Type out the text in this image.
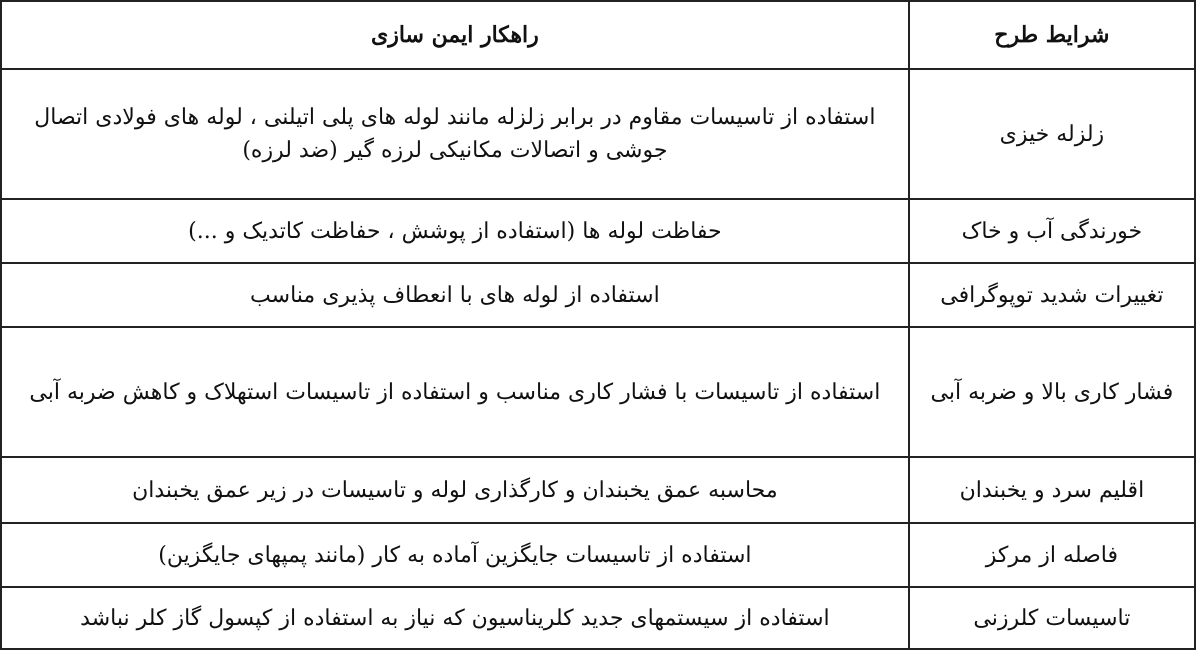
شرایط طرح	راهکار ایمن سازی
زلزله خیزی	استفاده از تاسیسات مقاوم در برابر زلزله مانند لوله های پلی اتیلنی ، لوله های فولادی اتصال جوشی و اتصالات مکانیکی لرزه گیر (ضد لرزه)

خورندگی آب و خاک	حفاظت لوله ها (استفاده از پوشش ، حفاظت کاتدیک و ...)

تغییرات شدید توپوگرافی	استفاده از لوله های با انعطاف پذیری مناسب

فشار کاری بالا و ضربه آبی	استفاده از تاسیسات با فشار کاری مناسب و استفاده از تاسیسات استهلاک و کاهش ضربه آبی

اقلیم سرد و یخبندان	محاسبه عمق یخبندان و کارگذاری لوله و تاسیسات در زیر عمق یخبندان

فاصله از مرکز	استفاده از تاسیسات جایگزین آماده به کار (مانند پمپهای جایگزین)

تاسیسات کلرزنی	استفاده از سیستمهای جدید کلریناسیون که نیاز به استفاده از کپسول گاز کلر نباشد
